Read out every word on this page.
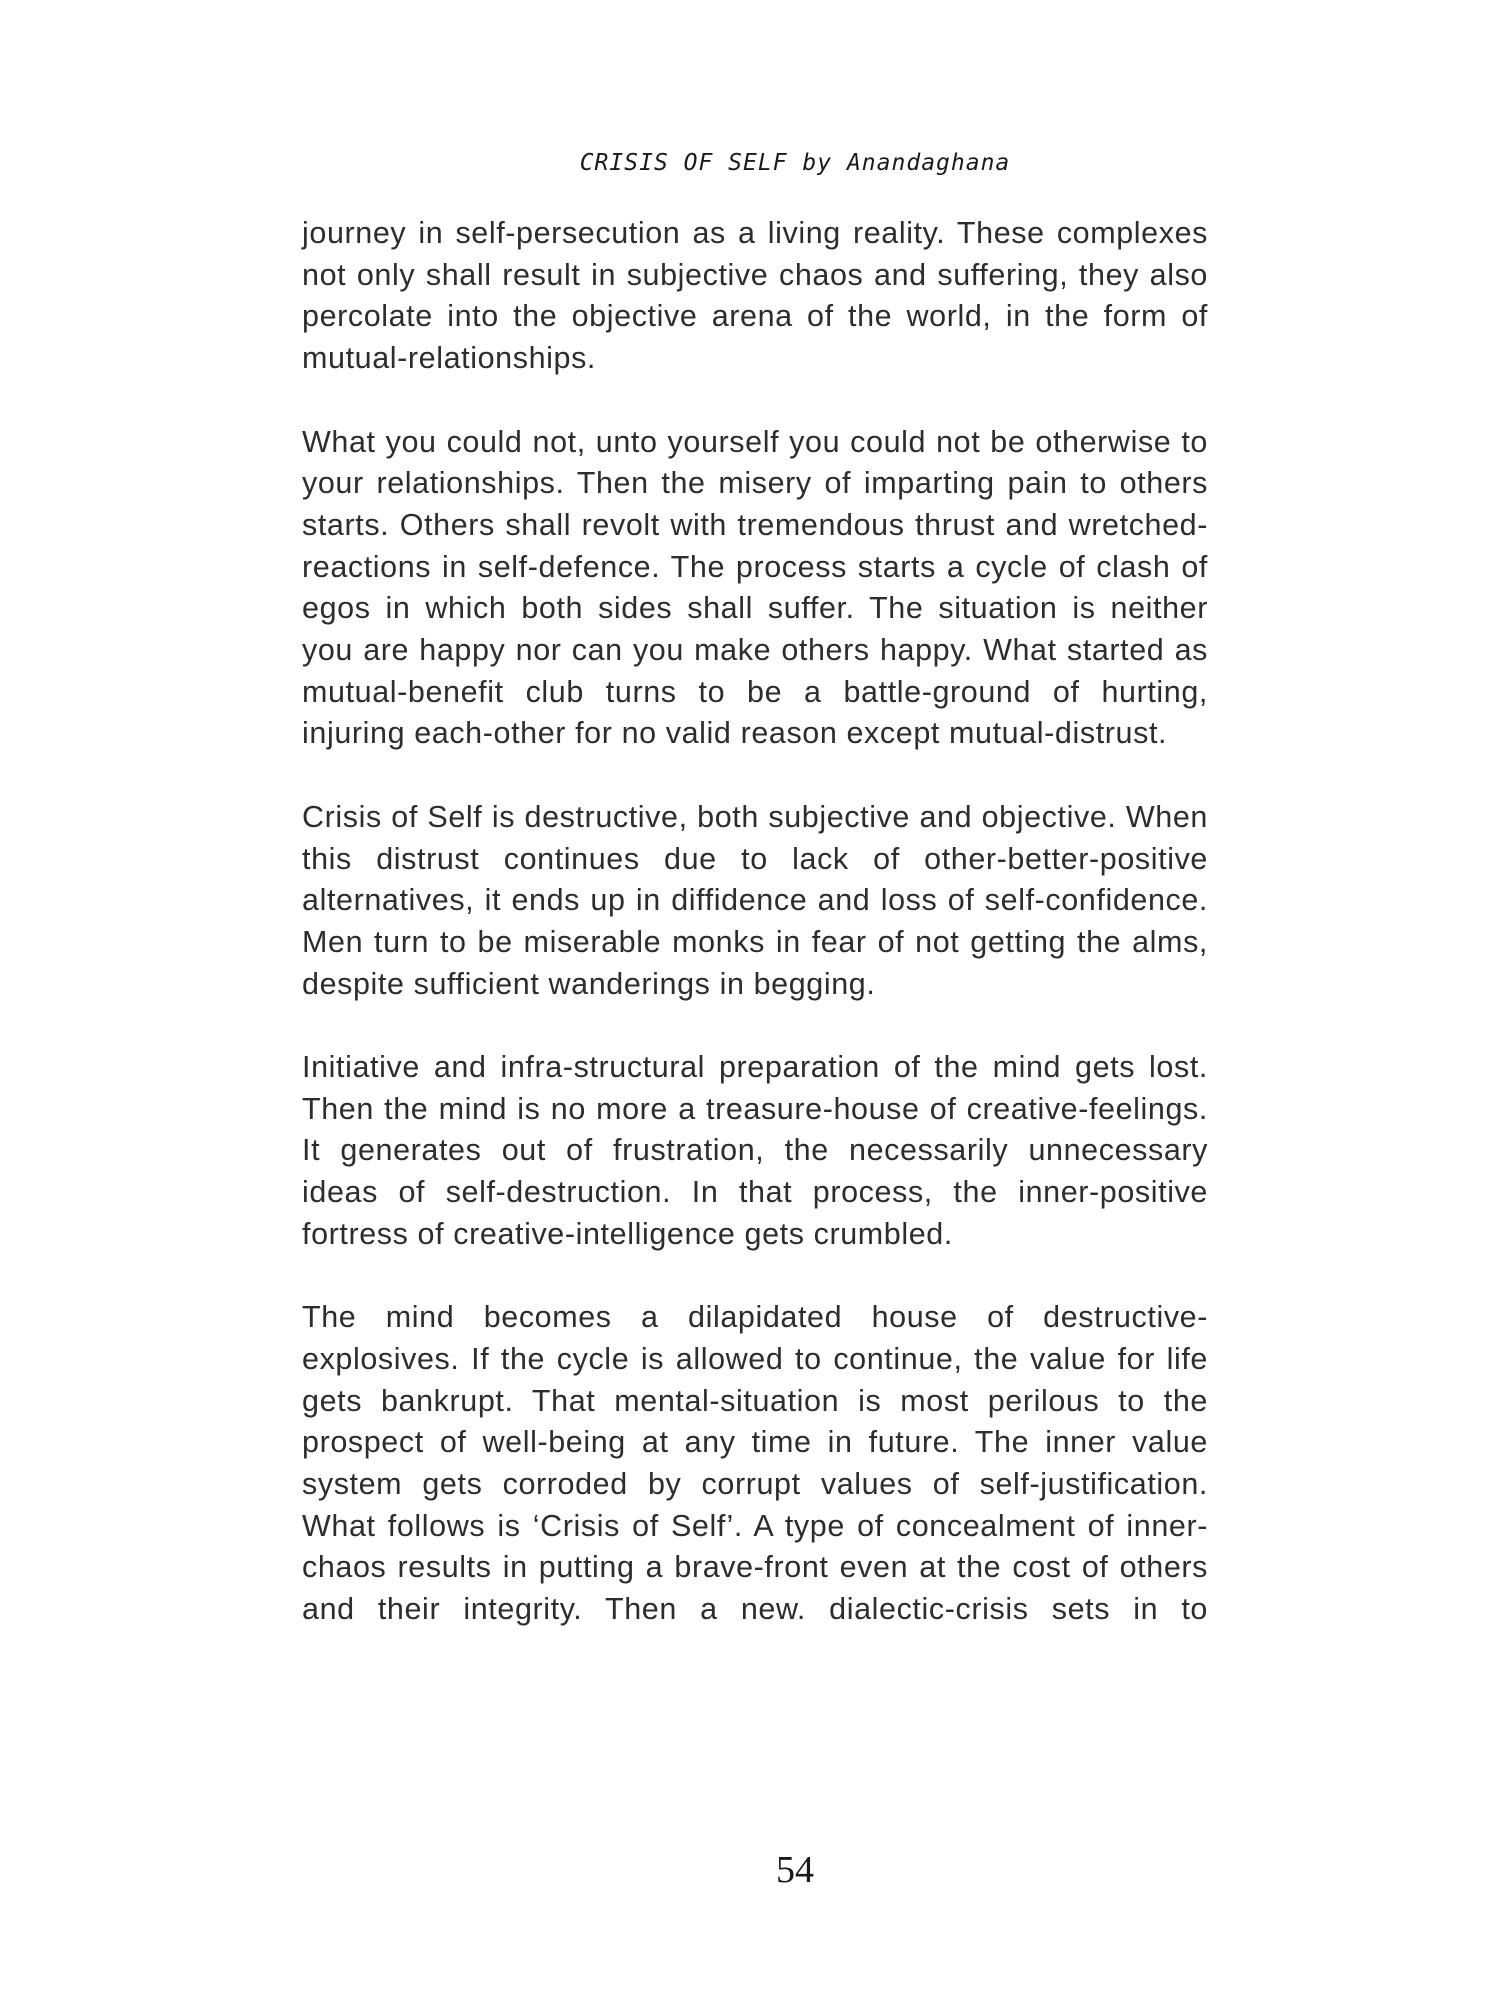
CRISIS OF SELF by Anandaghana

journey in self-persecution as a living reality. These complexes not only shall result in subjective chaos and suffering, they also percolate into the objective arena of the world, in the form of mutual-relationships.

What you could not, unto yourself you could not be otherwise to your relationships. Then the misery of imparting pain to others starts. Others shall revolt with tremendous thrust and wretched-reactions in self-defence. The process starts a cycle of clash of egos in which both sides shall suffer. The situation is neither you are happy nor can you make others happy. What started as mutual-benefit club turns to be a battle-ground of hurting, injuring each-other for no valid reason except mutual-distrust.

Crisis of Self is destructive, both subjective and objective. When this distrust continues due to lack of other-better-positive alternatives, it ends up in diffidence and loss of self-confidence. Men turn to be miserable monks in fear of not getting the alms, despite sufficient wanderings in begging.

Initiative and infra-structural preparation of the mind gets lost. Then the mind is no more a treasure-house of creative-feelings. It generates out of frustration, the necessarily unnecessary ideas of self-destruction. In that process, the inner-positive fortress of creative-intelligence gets crumbled.

The mind becomes a dilapidated house of destructive-explosives. If the cycle is allowed to continue, the value for life gets bankrupt. That mental-situation is most perilous to the prospect of well-being at any time in future. The inner value system gets corroded by corrupt values of self-justification. What follows is ‘Crisis of Self’. A type of concealment of inner-chaos results in putting a brave-front even at the cost of others and their integrity. Then a new. dialectic-crisis sets in to

54
